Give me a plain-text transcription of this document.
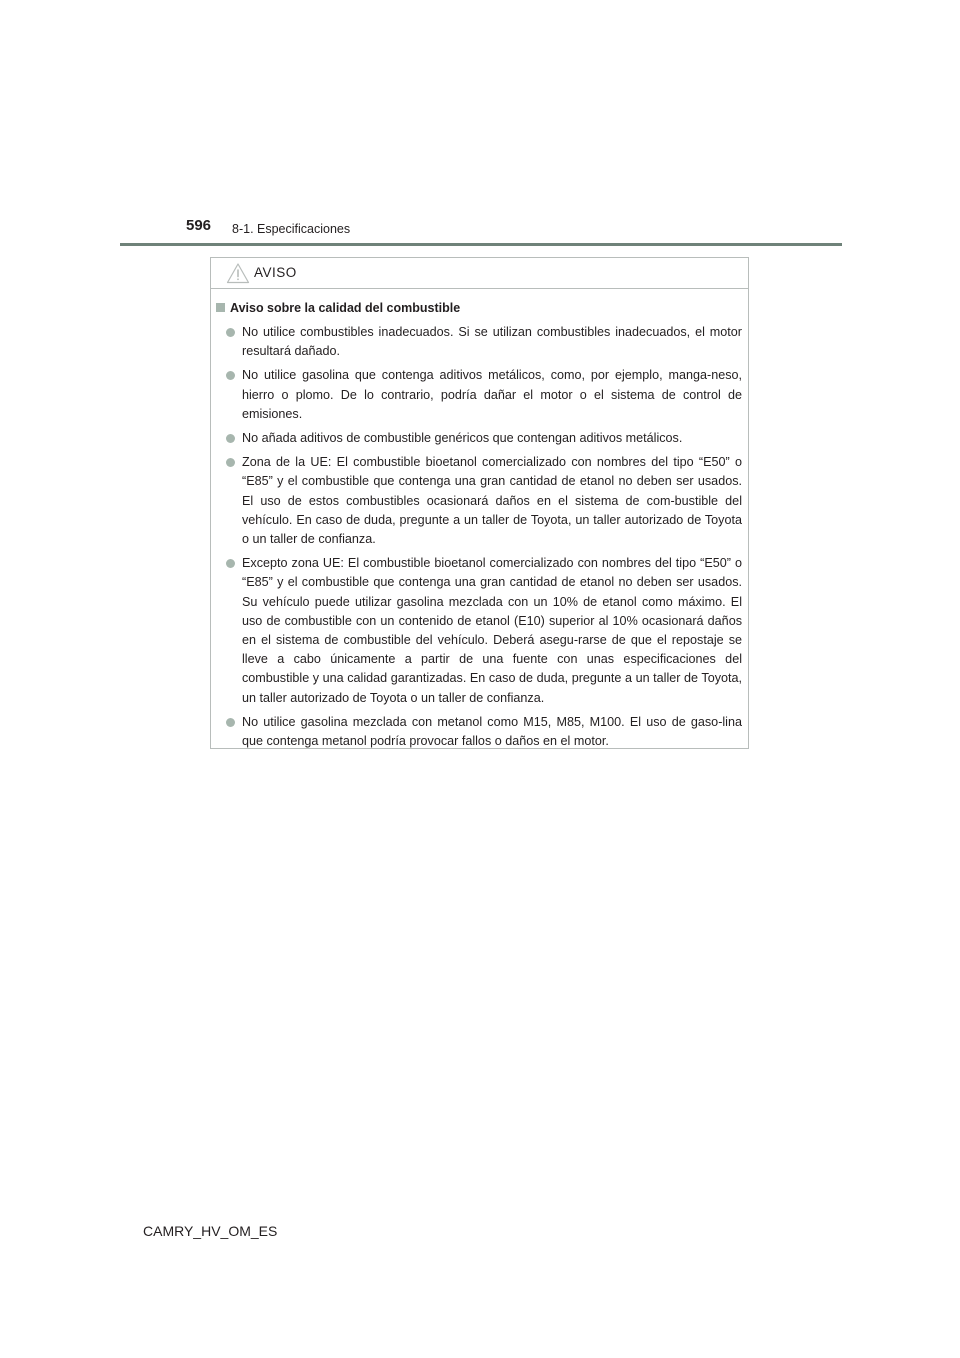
596 8-1. Especificaciones
AVISO
Aviso sobre la calidad del combustible
No utilice combustibles inadecuados. Si se utilizan combustibles inadecuados, el motor resultará dañado.
No utilice gasolina que contenga aditivos metálicos, como, por ejemplo, manga-neso, hierro o plomo. De lo contrario, podría dañar el motor o el sistema de control de emisiones.
No añada aditivos de combustible genéricos que contengan aditivos metálicos.
Zona de la UE: El combustible bioetanol comercializado con nombres del tipo “E50” o “E85” y el combustible que contenga una gran cantidad de etanol no deben ser usados. El uso de estos combustibles ocasionará daños en el sistema de com-bustible del vehículo. En caso de duda, pregunte a un taller de Toyota, un taller autorizado de Toyota o un taller de confianza.
Excepto zona UE: El combustible bioetanol comercializado con nombres del tipo “E50” o “E85” y el combustible que contenga una gran cantidad de etanol no deben ser usados. Su vehículo puede utilizar gasolina mezclada con un 10% de etanol como máximo. El uso de combustible con un contenido de etanol (E10) superior al 10% ocasionará daños en el sistema de combustible del vehículo. Deberá asegu-rarse de que el repostaje se lleve a cabo únicamente a partir de una fuente con unas especificaciones del combustible y una calidad garantizadas. En caso de duda, pregunte a un taller de Toyota, un taller autorizado de Toyota o un taller de confianza.
No utilice gasolina mezclada con metanol como M15, M85, M100. El uso de gaso-lina que contenga metanol podría provocar fallos o daños en el motor.
CAMRY_HV_OM_ES
